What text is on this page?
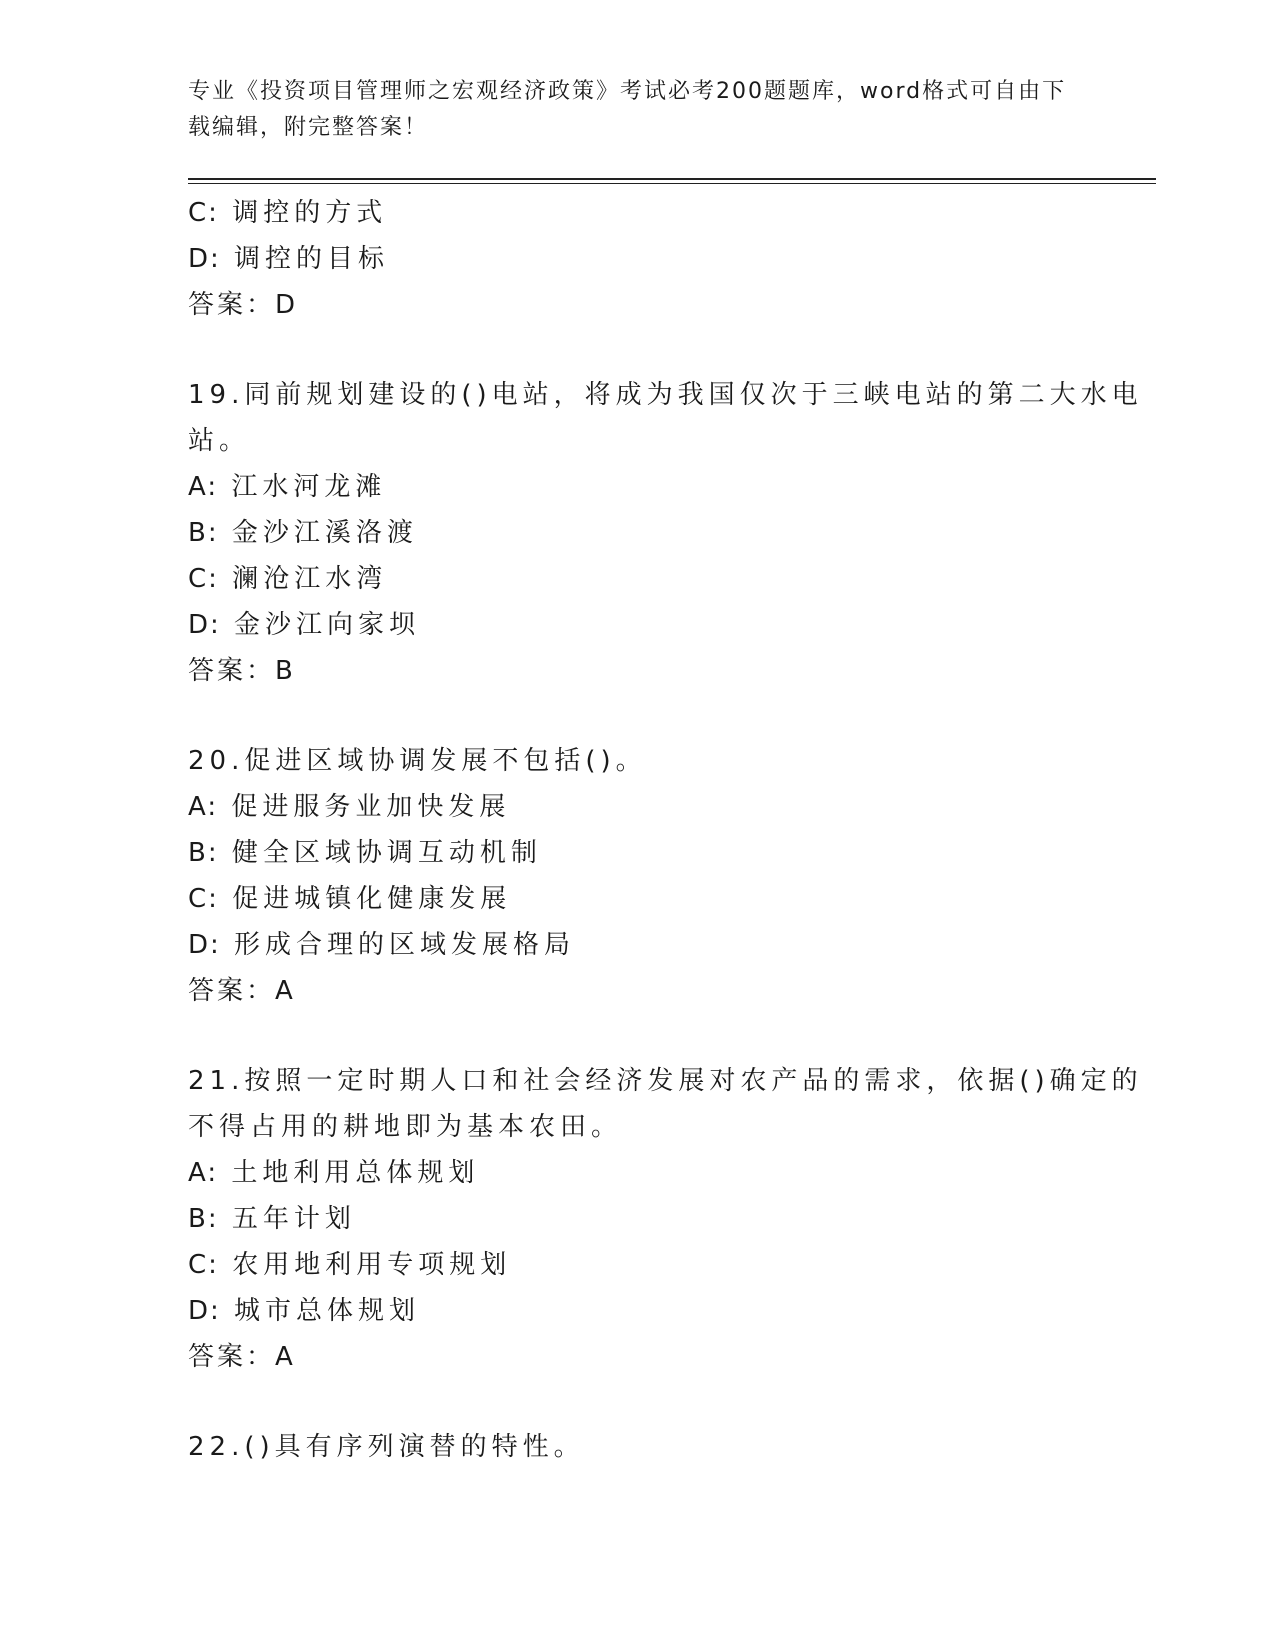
专业《投资项目管理师之宏观经济政策》考试必考200题题库，word格式可自由下载编辑，附完整答案！
C: 调控的方式
D: 调控的目标
答案：D
19.同前规划建设的()电站，将成为我国仅次于三峡电站的第二大水电
站。
A: 江水河龙滩
B: 金沙江溪洛渡
C: 澜沧江水湾
D: 金沙江向家坝
答案：B
20.促进区域协调发展不包括()。
A: 促进服务业加快发展
B: 健全区域协调互动机制
C: 促进城镇化健康发展
D: 形成合理的区域发展格局
答案：A
21.按照一定时期人口和社会经济发展对农产品的需求，依据()确定的
不得占用的耕地即为基本农田。
A: 土地利用总体规划
B: 五年计划
C: 农用地利用专项规划
D: 城市总体规划
答案：A
22.()具有序列演替的特性。
